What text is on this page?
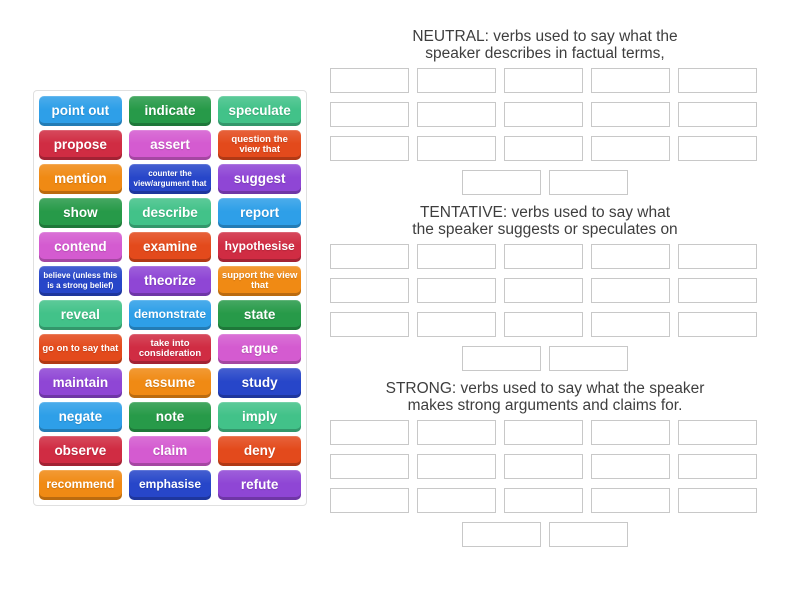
point out	indicate	speculate
propose	assert	question the view that
mention	counter the view/argument that	suggest
show	describe	report
contend	examine	hypothesise
believe (unless this is a strong belief)	theorize	support the view that
reveal	demonstrate	state
go on to say that	take into consideration	argue
maintain	assume	study
negate	note	imply
observe	claim	deny
recommend	emphasise	refute
NEUTRAL: verbs used to say what the
speaker describes in factual terms,
TENTATIVE: verbs used to say what
the speaker suggests or speculates on
STRONG: verbs used to say what the speaker
makes strong arguments and claims for.
